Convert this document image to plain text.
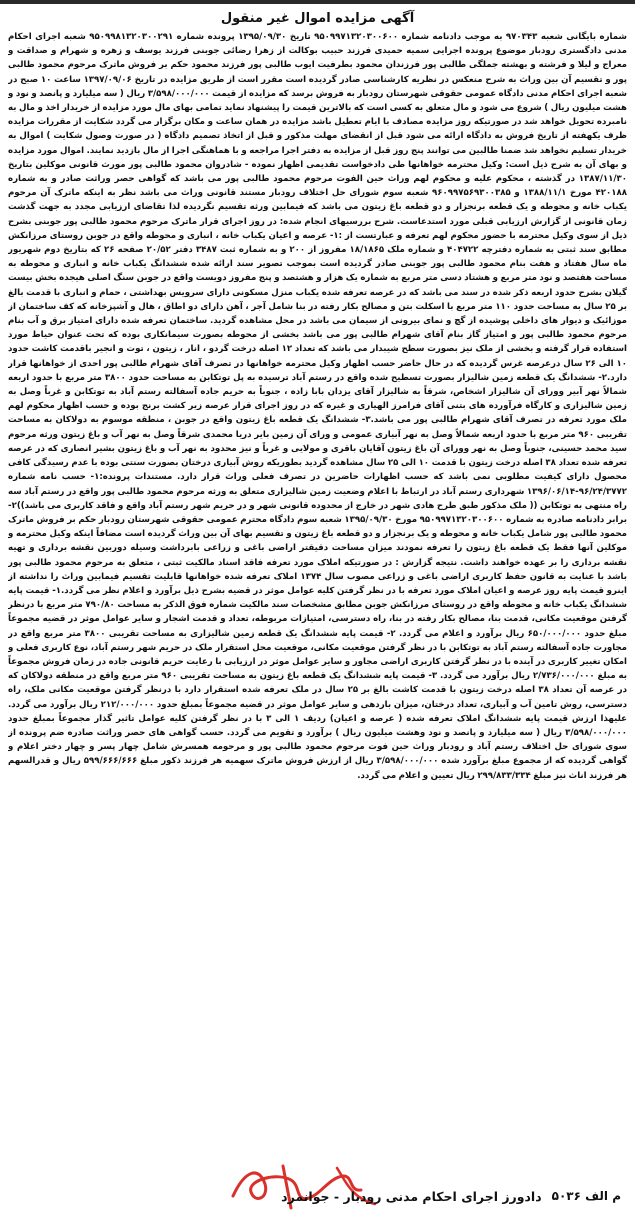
آگهی مزایده اموال غیر منقول
شماره بایگانی شعبه ۹۷۰۳۴۳ به موجب دادنامه شماره ۹۵۰۹۹۷۱۳۲۰۳۰۰۶۰۰ تاریخ ۱۳۹۵/۰۹/۳۰ پرونده شماره ۹۵۰۹۹۸۱۳۲۰۳۰۰۲۹۱ شعبه اجرای احکام مدنی دادگستری رودبار موضوع پرونده اجرایی سمیه حمیدی فرزند حبیب بوکالت از زهرا رضائی جوبنی فرزند یوسف و زهره و شهرام و صداقت و معراج و لیلا و فرشته و بهشته جملگی طالبی پور فرزندان محمود بطرفیت ایوب طالبی پور فرزند محمود حکم بر فروش ماترک مرحوم محمود طالبی پور و تقسیم آن بین وراث به شرح منعکس در نظریه کارشناسی صادر گردیده است مقرر است از طریق مزایده در تاریخ ۱۳۹۷/۰۹/۰۶ ساعت ۱۰ صبح در شعبه اجرای احکام مدنی دادگاه عمومی حقوقی شهرستان رودبار به فروش برسد که مزایده از قیمت ۳/۵۹۸/۰۰۰/۰۰۰ ریال ( سه میلیارد و پانصد و نود و هشت میلیون ریال ) شروع می شود و مال متعلق به کسی است که بالاترین قیمت را پیشنهاد نماید تمامی بهای مال مورد مزایده از خریدار اخذ و مال به نامبرده تحویل خواهد شد در صورتیکه روز مزایده مصادف با ایام تعطیل باشد مزایده در همان ساعت و مکان برگزار می گردد شکایت از مقررات مزایده ظرف یکهفته از تاریخ فروش به دادگاه ارائه می شود قبل از انقضای مهلت مذکور و قبل از اتخاذ تصمیم دادگاه ( در صورت وصول شکایت ) اموال به خریدار تسلیم نخواهد شد ضمنا طالبین می توانند پنج روز قبل از مزایده به دفتر اجرا مراجعه و با هماهنگی اجرا از مال بازدید نمایند. اموال مورد مزایده و بهای آن به شرح ذیل است: وکیل محترمه خواهانها طی دادخواست تقدیمی اظهار نموده - شادروان محمود طالبی پور مورث قانونی موکلین بتاریخ ۱۳۸۷/۱۱/۳۰ در گذشته ، محکوم علیه و محکوم لهم وراث حین الفوت مرحوم محمود طالبی پور می باشد که گواهی حصر وراثت صادر و به شماره ۴۲۰۱۸۸ مورخ ۱۳۸۸/۱۱/۱ و ۹۶۰۹۹۷۵۶۹۳۰۰۳۸۵ شعبه سوم شورای حل اختلاف رودبار مستند قانونی وراث می باشد نظر به اینکه ماترک آن مرحوم یکباب خانه و محوطه و یک قطعه برنجزار و دو قطعه باغ زیتون می باشد که فیمابین ورثه تقسیم نگردیده لذا تقاضای ارزیابی مجدد به جهت گذشت زمان قانونی از گزارش ارزیابی قبلی مورد استدعاست. شرح بررسیهای انجام شده: در روز اجرای قرار ماترک مرحوم محمود طالبی پور جوبنی بشرح ذیل از سوی وکیل محترمه با حضور محکوم لهم تعرفه و عبارتست از :۱- عرصه و اعیان یکباب خانه ، انباری و محوطه واقع در جوبن روستای مرزانکش مطابق سند ثبتی به شماره دفترچه ۴۰۴۷۲۲ و شماره ملک ۱۸/۱۸۶۵ مفروز از ۲۰۰ و به شماره ثبت ۳۴۸۷ دفتر ۲۰/۵۲ صفحه ۲۶ که بتاریخ دوم شهریور ماه سال هفتاد و هفت بنام محمود طالبی پور جوبنی صادر گردیده است بموجب تصویر سند ارائه شده ششدانگ یکباب خانه و انباری و محوطه به مساحت هفتصد و نود متر مربع و هشتاد دسی متر مربع به شماره یک هزار و هشتصد و پنج مفروز دویست واقع در جوبن سنگ اصلی هیجده بخش بیست گیلان بشرح حدود اربعه ذکر شده در سند می باشد که در عرصه تعرفه شده یکباب منزل مسکونی دارای سرویس بهداشتی ، حمام و انباری با قدمت بالغ بر ۲۵ سال به مساحت حدود ۱۱۰ متر مربع با اسکلت بتن و مصالح بکار رفته در بنا شامل آجر ، آهن دارای دو اطاق ، هال و آشپزخانه که کف ساختمان از موزائیک و دیوار های داخلی پوشیده از گچ و نمای بیرونی از سیمان می باشد در محل مشاهده گردید. ساختمان تعرفه شده دارای امتیاز برق و آب بنام مرحوم محمود طالبی پور و امتیاز گاز بنام آقای شهرام طالبی پور می باشد بخشی از محوطه بصورت سیمانکاری بوده که تحت عنوان حیاط مورد استفاده قرار گرفته و بخشی از ملک نیز بصورت سطح شیبدار می باشد که تعداد ۱۲ اصله درخت گردو ، انار ، زیتون ، توت و انجیر باقدمت کاشت حدود ۱۰ الی ۲۶ سال درعرصه غرس گردیده که در حال حاضر حسب اظهار وکیل محترمه خواهانها در تصرف آقای شهرام طالبی پور احدی از خواهانها قرار دارد.۲- ششدانگ یک قطعه زمین شالیزار بصورت تسطیح شده واقع در رستم آباد ترسیده به پل توتکابن به مساحت حدود ۳۸۰۰ متر مربع با حدود اربعه شمالاً نهر آبیر وورای آن شالیزار اشخاص، شرقاً به شالیزار آقای یزدان بابا زاده ، جنوباً به حریم جاده آسفالته رستم آباد به توتکابن و غرباً وصل به زمین شالیزاری و کارگاه فرآورده های بتنی آقای فرامرز الهیاری و غیره که در روز اجرای قرار عرصه زیر کشت برنج بوده و حسب اظهار محکوم لهم ملک مورد تعرفه در تصرف آقای شهرام طالبی پور می باشد.۳- ششدانگ یک قطعه باغ زیتون واقع در جوبن ، منطقه موسوم به دولاکان به مساحت تقریبی ۹۶۰ متر مربع با حدود اربعه شمالاً وصل به نهر آبیاری عمومی و ورای آن زمین بایر دریا محمدی شرقاً وصل به نهر آب و باغ زیتون ورثه مرحوم سید محمد حسینی، جنوباً وصل به نهر وورای آن باغ زیتون آقایان باقری و مولایی و غرباً و نیز محدود به نهر آب و باغ زیتون بشیر انصاری که در عرصه تعرفه شده تعداد ۳۸ اصله درخت زیتون با قدمت ۱۰ الی ۲۵ سال مشاهده گردید بطوریکه روش آبیاری درختان بصورت سنتی بوده با عدم رسیدگی کافی محصول دارای کیفیت مطلوبی نمی باشد که حسب اظهارات حاضرین در تصرف فعلی وراث قرار دارد. مستندات پرونده:۱- حسب نامه شماره ۹۶/۲۴/۳۷۷۲-۱۳۹۶/۰۶/۱۴ شهرداری رستم آباد در ارتباط با اعلام وضعیت زمین شالیزاری متعلق به ورثه مرحوم محمود طالبی پور واقع در رستم آباد سه راه منتهی به توتکابن (( ملک مذکور طبق طرح هادی شهر در خارج از محدوده قانونی شهر و در حریم شهر رستم آباد واقع و فاقد کاربری می باشد))۲- برابر دادنامه صادره به شماره ۹۵۰۹۹۷۱۳۲۰۳۰۰۶۰۰ مورخ ۱۳۹۵/۰۹/۳۰ شعبه سوم دادگاه محترم عمومی حقوقی شهرستان رودبار حکم بر فروش ماترک محمود طالبی پور شامل یکباب خانه و محوطه و یک برنجزار و دو قطعه باغ زیتون و تقسیم بهای آن بین وراث گردیده است مضافاً اینکه وکیل محترمه و موکلین آنها فقط یک قطعه باغ زیتون را تعرفه نمودند میزان مساحت دقیقتر اراضی باغی و زراعی بابرداشت وسیله دوربین نقشه برداری و تهیه نقشه برداری را بر عهده خواهند داشت. نتیجه گزارش : در صورتیکه املاک مورد تعرفه فاقد اسناد مالکیت ثبتی ، متعلق به مرحوم محمود طالبی پور باشد با عنایت به قانون حفظ کاربری اراضی باغی و زراعی مصوب سال ۱۳۷۴ املاک تعرفه شده خواهانها قابلیت تقسیم فیمابین وراث را نداشته از اینرو قیمت پایه روز عرصه و اعیان املاک مورد تعرفه با در نظر گرفتن کلیه عوامل موثر در قضیه بشرح ذیل برآورد و اعلام نظر می گردد.۱- قیمت پایه ششدانگ یکباب خانه و محوطه واقع در روستای مرزانکش جوبن مطابق مشخصات سند مالکیت شماره فوق الذکر به مساحت ۷۹۰/۸۰ متر مربع با درنظر گرفتن موقعیت مکانی، قدمت بنا، مصالح بکار رفته در بنا، راه دسترسی، امتیازات مربوطه، تعداد و قدمت اشجار و سایر عوامل موثر در قضیه مجموعاً مبلغ حدود ۶۵۰/۰۰۰/۰۰۰ ریال برآورد و اعلام می گردد. ۲- قیمت پایه ششدانگ یک قطعه زمین شالیزاری به مساحت تقریبی ۳۸۰۰ متر مربع واقع در مجاورت جاده آسفالته رستم آباد به توتکابن با در نظر گرفتن موقعیت مکانی، موقعیت محل استقرار ملک در حریم شهر رستم آباد، نوع کاربری فعلی و امکان تغییر کاربری در آینده با در نظر گرفتن کاربری اراضی مجاور و سایر عوامل موثر در ارزیابی با رعایت حریم قانونی جاده در زمان فروش مجموعاً به مبلغ ۲/۷۳۶/۰۰۰/۰۰۰ ریال برآورد می گردد. ۳- قیمت پایه ششدانگ یک قطعه باغ زیتون به مساحت تقریبی ۹۶۰ متر مربع واقع در منطقه دولاکان که در عرصه آن تعداد ۳۸ اصله درخت زیتون با قدمت کاشت بالغ بر ۲۵ سال در ملک تعرفه شده استقرار دارد با درنظر گرفتن موقعیت مکانی ملک، راه دسترسی، روش تامین آب و آبیاری، تعداد درختان، میزان باردهی و سایر عوامل موثر در قضیه مجموعاً بمبلغ حدود ۲۱۲/۰۰۰/۰۰۰ ریال برآورد می گردد. علیهذا ارزش قیمت پایه ششدانگ املاک تعرفه شده ( عرصه و اعیان) ردیف ۱ الی ۳ با در نظر گرفتن کلیه عوامل تاثیر گذار مجموعاً بمبلغ حدود ۳/۵۹۸/۰۰۰/۰۰۰ ریال ( سه میلیارد و پانصد و نود وهشت میلیون ریال ) برآورد و تقویم می گردد. حسب گواهی های حصر وراثت صادره ضم پرونده از سوی شورای حل اختلاف رستم آباد و رودبار وراث حین فوت مرحوم محمود طالبی پور و مرحومه همسرش شامل چهار پسر و چهار دختر اعلام و گواهی گردیده که از مجموع مبلغ برآورد شده ۳/۵۹۸/۰۰۰/۰۰۰ ریال از ارزش فروش ماترک سهمیه هر فرزند ذکور مبلغ ۵۹۹/۶۶۶/۶۶۶ ریال و قدرالسهم هر فرزند اناث نیز مبلغ ۲۹۹/۸۳۳/۳۳۴ ریال تعیین و اعلام می گردد.
م الف ۵۰۳۶
دادورز اجرای احکام مدنی رودبار - جوانمرد
